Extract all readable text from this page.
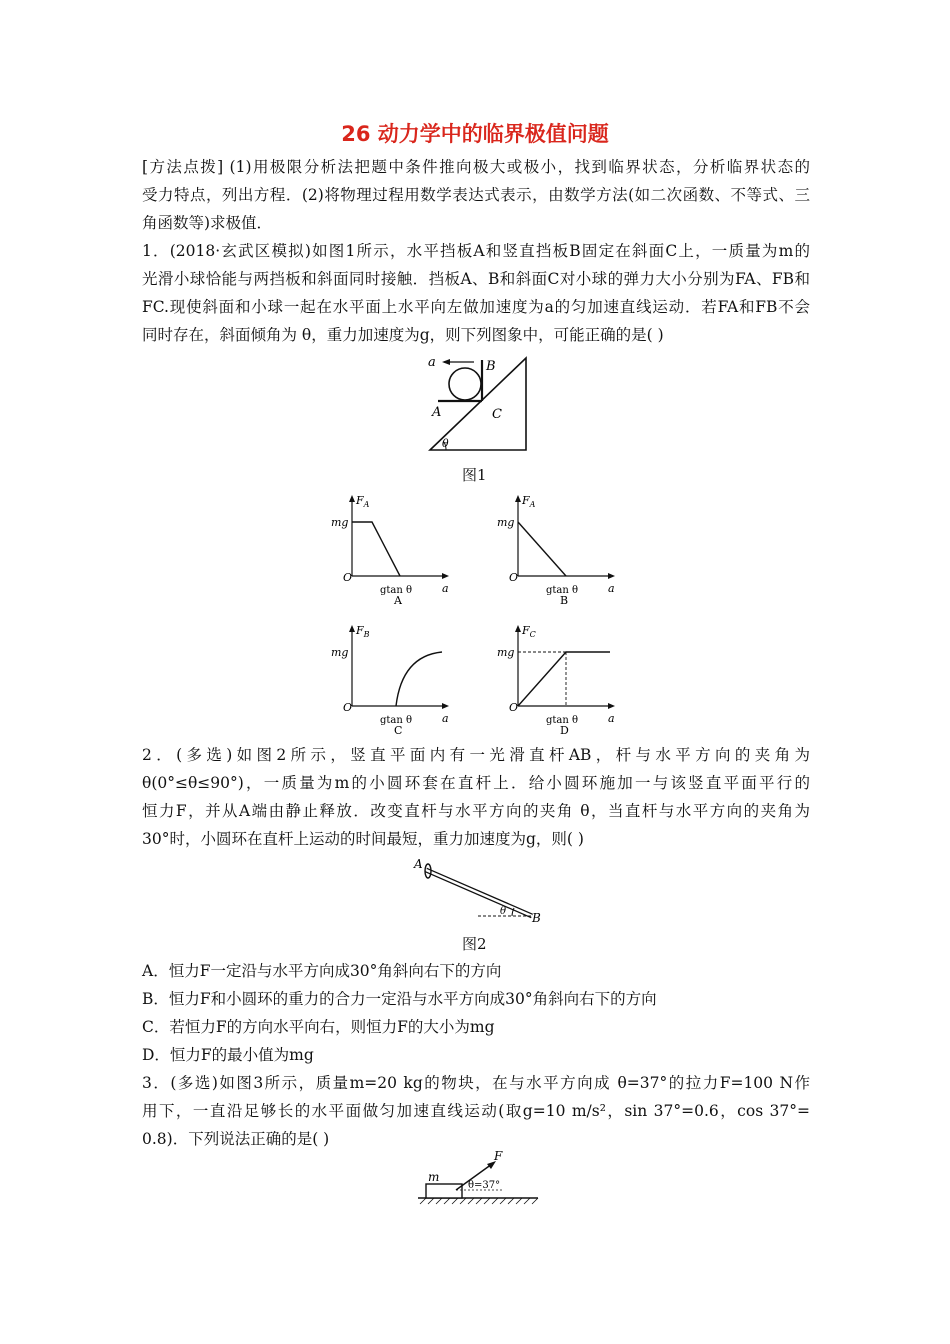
26 动力学中的临界极值问题
[方法点拨] (1)用极限分析法把题中条件推向极大或极小，找到临界状态，分析临界状态的
受力特点，列出方程．(2)将物理过程用数学表达式表示，由数学方法(如二次函数、不等式、三
角函数等)求极值．
1．(2018·玄武区模拟)如图1所示，水平挡板A和竖直挡板B固定在斜面C上，一质量为m的
光滑小球恰能与两挡板和斜面同时接触．挡板A、B和斜面C对小球的弹力大小分别为FA、FB和
FC.现使斜面和小球一起在水平面上水平向左做加速度为a的匀加速直线运动．若FA和FB不会
同时存在，斜面倾角为 θ，重力加速度为g，则下列图象中，可能正确的是( )
a	B
A	C
θ
图1
$F_A$
mg
O
gtan θ	a
A
$F_A$
mg
O
gtan θ	a
B
$F_B$
mg
O
gtan θ	a
C
$F_C$
mg
O
gtan θ	a
D
2．(多选)如图2所示，竖直平面内有一光滑直杆AB，杆与水平方向的夹角为
θ(0°≤θ≤90°)，一质量为m的小圆环套在直杆上．给小圆环施加一与该竖直平面平行的
恒力F，并从A端由静止释放．改变直杆与水平方向的夹角 θ，当直杆与水平方向的夹角为
30°时，小圆环在直杆上运动的时间最短，重力加速度为g，则( )
A
B
θ
图2
A．恒力F一定沿与水平方向成30°角斜向右下的方向
B．恒力F和小圆环的重力的合力一定沿与水平方向成30°角斜向右下的方向
C．若恒力F的方向水平向右，则恒力F的大小为mg
D．恒力F的最小值为mg
3．(多选)如图3所示，质量m=20 kg的物块，在与水平方向成 θ=37°的拉力F=100 N作
用下，一直沿足够长的水平面做匀加速直线运动(取g=10 m/s²，sin 37°=0.6，cos 37°=
0.8)．下列说法正确的是( )
m
F
θ=37°
